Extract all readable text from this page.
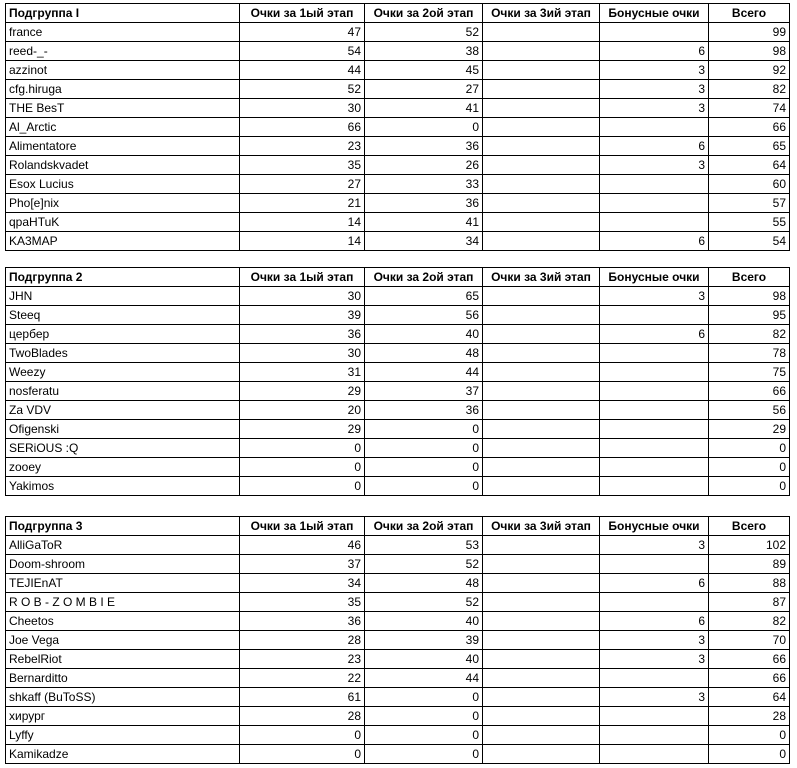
Подгруппа I	Очки за 1ый этап	Очки за 2ой этап	Очки за 3ий этап	Бонусные очки	Всего
france	47	52			99
reed-_-	54	38		6	98
azzinot	44	45		3	92
cfg.hiruga	52	27		3	82
THE BesT	30	41		3	74
Al_Arctic	66	0			66
Alimentatore	23	36		6	65
Rolandskvadet	35	26		3	64
Esox Lucius	27	33			60
Pho[e]nix	21	36			57
qpaHTuK	14	41			55
KA3MAP	14	34		6	54
Подгруппа 2	Очки за 1ый этап	Очки за 2ой этап	Очки за 3ий этап	Бонусные очки	Всего
JHN	30	65		3	98
Steeq	39	56			95
цербер	36	40		6	82
TwoBlades	30	48			78
Weezy	31	44			75
nosferatu	29	37			66
Za VDV	20	36			56
Ofigenski	29	0			29
SERiOUS :Q	0	0			0
zooey	0	0			0
Yakimos	0	0			0
Подгруппа 3	Очки за 1ый этап	Очки за 2ой этап	Очки за 3ий этап	Бонусные очки	Всего
AlliGaToR	46	53		3	102
Doom-shroom	37	52			89
TEJIEnAT	34	48		6	88
R O B - Z O M B I E	35	52			87
Cheetos	36	40		6	82
Joe Vega	28	39		3	70
RebelRiot	23	40		3	66
Bernarditto	22	44			66
shkaff (BuToSS)	61	0		3	64
хирург	28	0			28
Lyffy	0	0			0
Kamikadze	0	0			0
